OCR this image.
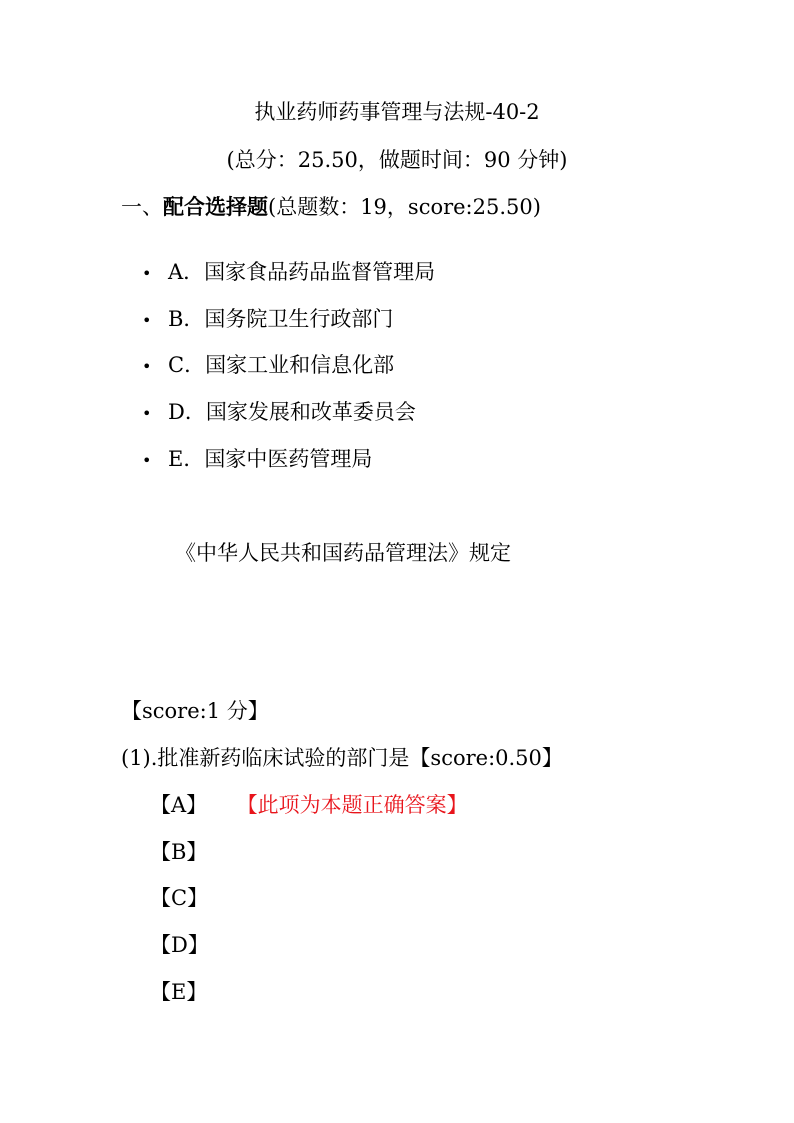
执业药师药事管理与法规-40-2
(总分：25.50，做题时间：90 分钟)
一、配合选择题(总题数：19，score:25.50)
• A．国家食品药品监督管理局
• B．国务院卫生行政部门
• C．国家工业和信息化部
• D．国家发展和改革委员会
• E．国家中医药管理局
《中华人民共和国药品管理法》规定
【score:1 分】
(1).批准新药临床试验的部门是【score:0.50】
【A】 【此项为本题正确答案】
【B】
【C】
【D】
【E】
